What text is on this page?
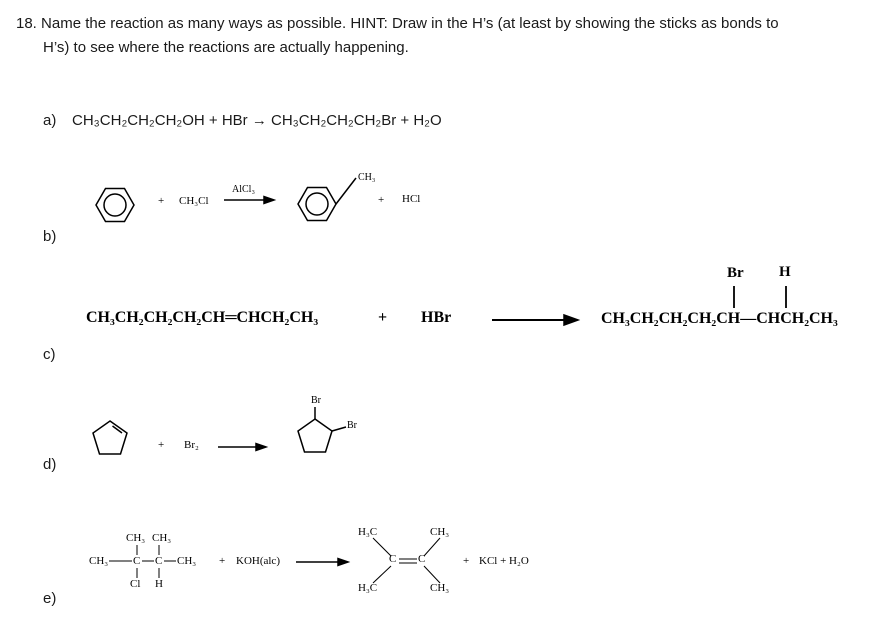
18. Name the reaction as many ways as possible. HINT: Draw in the H’s (at least by showing the sticks as bonds to
H’s) to see where the reactions are actually happening.
a)
b)
c)
d)
e)
CH₃CH₂CH₂CH₂OH + HBr → CH₃CH₂CH₂CH₂Br + H₂O
+ CH₃Cl
AlCl₃
CH₃
+ HCl
CH₃CH₂CH₂CH₂CH═CHCH₂CH₃	+ HBr
Br H
CH₃CH₂CH₂CH₂CH—CHCH₂CH₃
+ Br₂
Br
Br
CH₃ CH₃
CH₃ C C CH₃
Cl H
+ KOH(alc)
H₃C	CH₃
C C
H₃C	CH₃
+ KCl + H₂O
